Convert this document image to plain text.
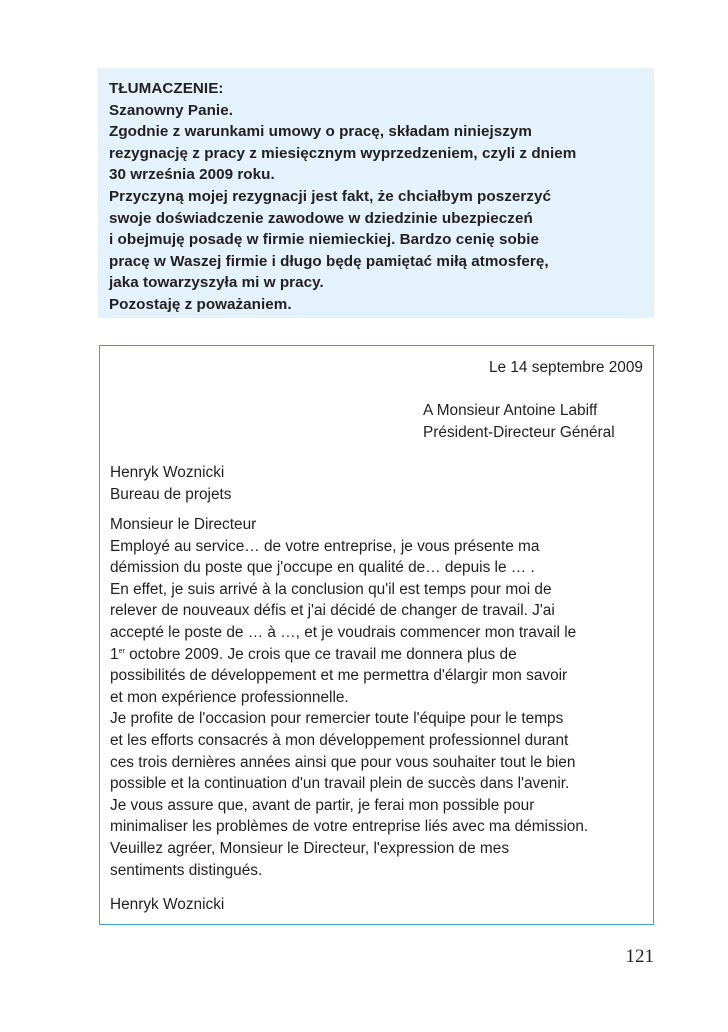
TŁUMACZENIE:
Szanowny Panie.
Zgodnie z warunkami umowy o pracę, składam niniejszym
rezygnację z pracy z miesięcznym wyprzedzeniem, czyli z dniem
30 września 2009 roku.
Przyczyną mojej rezygnacji jest fakt, że chciałbym poszerzyć
swoje doświadczenie zawodowe w dziedzinie ubezpieczeń
i obejmuję posadę w firmie niemieckiej. Bardzo cenię sobie
pracę w Waszej firmie i długo będę pamiętać miłą atmosferę,
jaka towarzyszyła mi w pracy.
Pozostaję z poważaniem.
Le 14 septembre 2009
A Monsieur Antoine Labiff
Président-Directeur Général
Henryk Woznicki
Bureau de projets
Monsieur le Directeur
Employé au service… de votre entreprise, je vous présente ma
démission du poste que j'occupe en qualité de… depuis le … .
En effet, je suis arrivé à la conclusion qu'il est temps pour moi de
relever de nouveaux défis et j'ai décidé de changer de travail. J'ai
accepté le poste de … à …, et je voudrais commencer mon travail le
1er octobre 2009. Je crois que ce travail me donnera plus de
possibilités de développement et me permettra d'élargir mon savoir
et mon expérience professionnelle.
Je profite de l'occasion pour remercier toute l'équipe pour le temps
et les efforts consacrés à mon développement professionnel durant
ces trois dernières années ainsi que pour vous souhaiter tout le bien
possible et la continuation d'un travail plein de succès dans l'avenir.
Je vous assure que, avant de partir, je ferai mon possible pour
minimaliser les problèmes de votre entreprise liés avec ma démission.
Veuillez agréer, Monsieur le Directeur, l'expression de mes
sentiments distingués.
Henryk Woznicki
121
